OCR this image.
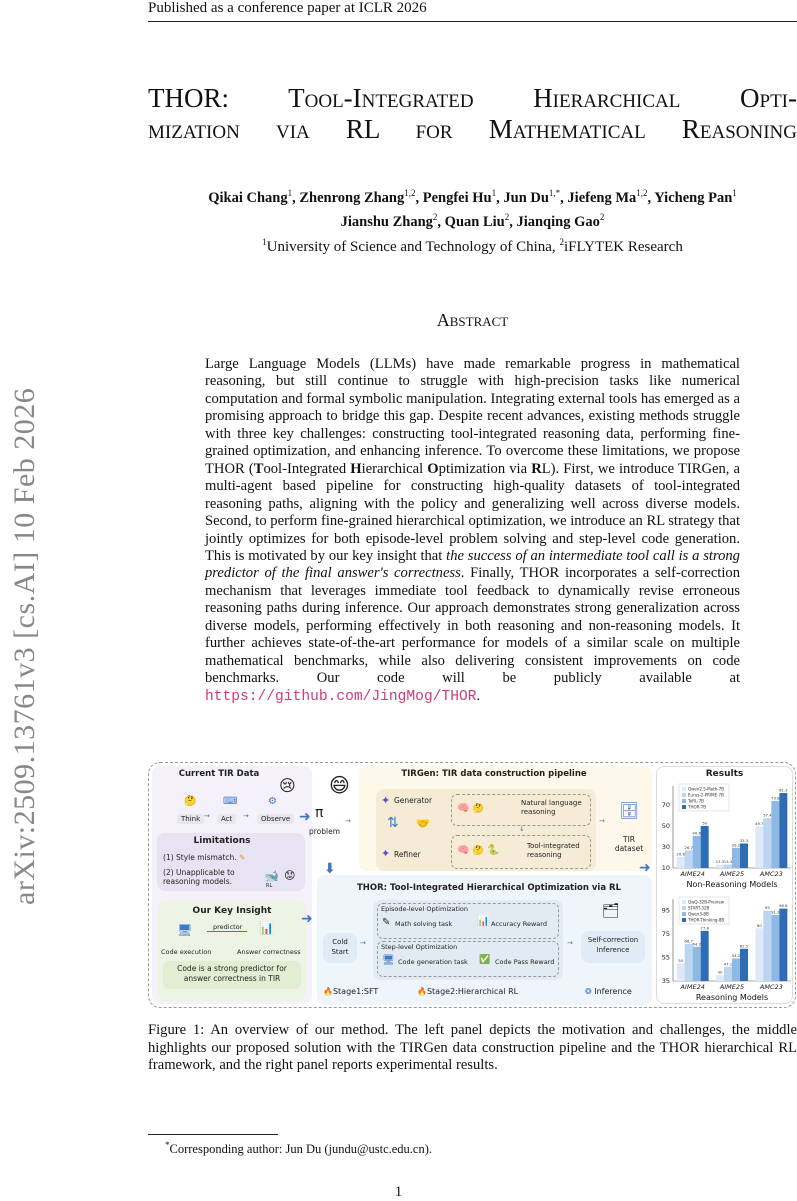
Published as a conference paper at ICLR 2026
arXiv:2509.13761v3 [cs.AI] 10 Feb 2026
THOR: Tool-Integrated Hierarchical Opti-
mization via RL for Mathematical Reasoning
Qikai Chang$^1$, Zhenrong Zhang$^{1,2}$, Pengfei Hu$^1$, Jun $Du^{1,*}$, Jiefeng Ma$^{1,2}$, Yicheng Pan$^1$
Jianshu Zhang$^2$, Quan Liu$^2$, Jianqing Gao$^2$
$^1$University of Science and Technology of China, $^2$iFLYTEK Research
Abstract
Large Language Models (LLMs) have made remarkable progress in mathematical reasoning, but still continue to struggle with high-precision tasks like numerical computation and formal symbolic manipulation. Integrating external tools has emerged as a promising approach to bridge this gap. Despite recent advances, existing methods struggle with three key challenges: constructing tool-integrated reasoning data, performing fine-grained optimization, and enhancing inference. To overcome these limitations, we propose THOR (Tool-Integrated Hierarchical Optimization via RL). First, we introduce TIRGen, a multi-agent based pipeline for constructing high-quality datasets of tool-integrated reasoning paths, aligning with the policy and generalizing well across diverse models. Second, to perform fine-grained hierarchical optimization, we introduce an RL strategy that jointly optimizes for both episode-level problem solving and step-level code generation. This is motivated by our key insight that the success of an intermediate tool call is a strong predictor of the final answer's correctness. Finally, THOR incorporates a self-correction mechanism that leverages immediate tool feedback to dynamically revise erroneous reasoning paths during inference. Our approach demonstrates strong generalization across diverse models, performing effectively in both reasoning and non-reasoning models. It further achieves state-of-the-art performance for models of a similar scale on multiple mathematical benchmarks, while also delivering consistent improvements on code benchmarks. Our code will be publicly available at https://github.com/JingMog/THOR.
Current TIR Data
😢
🤔	⌨	⚙
Think →	Act	→	Observe ➜
Limitations
(1) Style mismatch. ✎
(2) Unapplicable to reasoning models.	🐋
RL
😟
Our Key Insight
🖥	predictor 📊
Code execution	Answer correctness
Code is a strong predictor for answer correctness in TIR
➜
😄
π
problem
→
TIRGen: TIR data construction pipeline
✦ Generator
⇅ 🤝
✦ Refiner
🧠 🤔
Natural language reasoning
↓
🧠 🤔 🐍	Tool-integrated reasoning
→
🗄
TIR dataset
THOR: Tool-Integrated Hierarchical Optimization via RL
Cold Start
→
Episode-level Optimization
✎ Math solving task 📊 Accuracy Reward
Step-level Optimization
🖥 Code generation task ✅ Code Pass Reward
→
🗂
Self-correction Inference
🔥Stage1:SFT	🔥Stage2:Hierarchical RL	❂ Inference
⬇	➜
Results
10
30
50
70
20.6
26.7
40.6
50
AIME24
13.3 13.3
29.2
33.3
AIME25
49.7
57.4
73.8
81.3
AMC23
Qwen2.5-Math-7B
Eurus-2-PRIME-7B
ToRL-7B
THOR-7B
Non-Reasoning Models
35
55
75
95
50
66.7
64.2
77.8
AIME24
40
47.1
54.2
62.5
AIME25
80
95
91.3
96.8
AMC23
QwQ-32B-Preview
START-32B
Qwen3-8B
THOR-Thinking-8B
Reasoning Models
Figure 1: An overview of our method. The left panel depicts the motivation and challenges, the middle highlights our proposed solution with the TIRGen data construction pipeline and the THOR hierarchical RL framework, and the right panel reports experimental results.
*Corresponding author: Jun Du (jundu@ustc.edu.cn).
1
